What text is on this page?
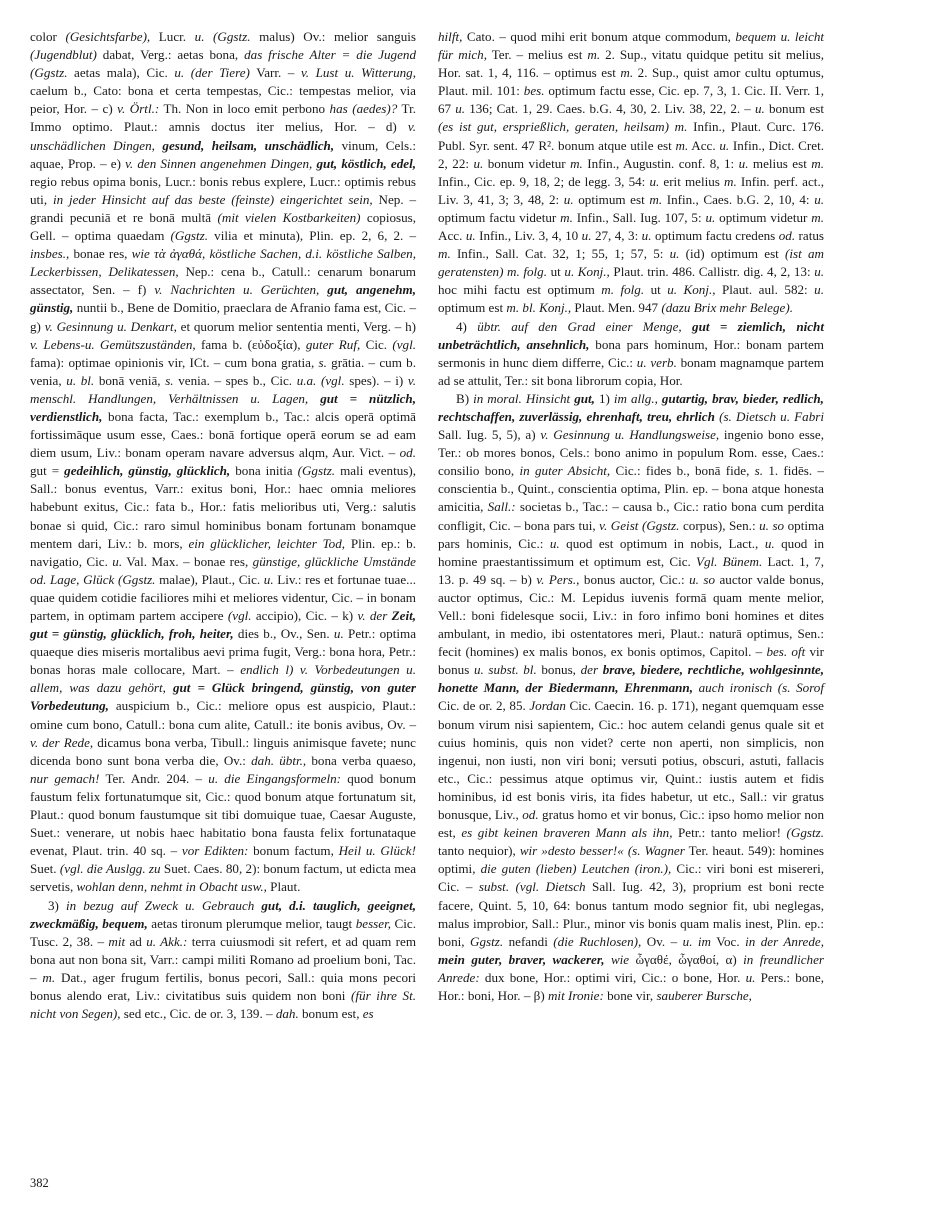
color (Gesichtsfarbe), Lucr. u. (Ggstz. malus) Ov.: melior sanguis (Jugendblut) dabat, Verg.: aetas bona, das frische Alter = die Jugend (Ggstz. aetas mala), Cic. u. (der Tiere) Varr. – v. Lust u. Witterung, caelum b., Cato: bona et certa tempestas, Cic.: tempestas melior, via peior, Hor. – c) v. Örtl.: Th. Non in loco emit perbono has (aedes)? Tr. Immo optimo. Plaut.: amnis doctus iter melius, Hor. – d) v. unschädlichen Dingen, gesund, heilsam, unschädlich, vinum, Cels.: aquae, Prop. – e) v. den Sinnen angenehmen Dingen, gut, köstlich, edel, regio rebus opima bonis, Lucr.: bonis rebus explere, Lucr.: optimis rebus uti, in jeder Hinsicht auf das beste (feinste) eingerichtet sein, Nep. – grandi pecuniā et re bonā multā (mit vielen Kostbarkeiten) copiosus, Gell. – optima quaedam (Ggstz. vilia et minuta), Plin. ep. 2, 6, 2. – insbes., bonae res, wie τὰ ἀγαθά, köstliche Sachen, d.i. köstliche Salben, Leckerbissen, Delikatessen, Nep.: cena b., Catull.: cenarum bonarum assectator, Sen. – f) v. Nachrichten u. Gerüchten, gut, angenehm, günstig, nuntii b., Bene de Domitio, praeclara de Afranio fama est, Cic. – g) v. Gesinnung u. Denkart, et quorum melior sententia menti, Verg. – h) v. Lebens-u. Gemütszuständen, fama b. (εὐδοξία), guter Ruf, Cic. (vgl. fama): optimae opinionis vir, ICt. – cum bona gratia, s. grātia. – cum b. venia, u. bl. bonā veniā, s. venia. – spes b., Cic. u.a. (vgl. spes). – i) v. menschl. Handlungen, Verhältnissen u. Lagen, gut = nützlich, verdienstlich, bona facta, Tac.: exemplum b., Tac.: alcis operā optimā fortissimāque usum esse, Caes.: bonā fortique operā eorum se ad eam diem usum, Liv.: bonam operam navare adversus alqm, Aur. Vict. – od. gut = gedeihlich, günstig, glücklich, bona initia (Ggstz. mali eventus), Sall.: bonus eventus, Varr.: exitus boni, Hor.: haec omnia meliores habebunt exitus, Cic.: fata b., Hor.: fatis melioribus uti, Verg.: salutis bonae si quid, Cic.: raro simul hominibus bonam fortunam bonamque mentem dari, Liv.: b. mors, ein glücklicher, leichter Tod, Plin. ep.: b. navigatio, Cic. u. Val. Max. – bonae res, günstige, glückliche Umstände od. Lage, Glück (Ggstz. malae), Plaut., Cic. u. Liv.: res et fortunae tuae... quae quidem cotidie faciliores mihi et meliores videntur, Cic. – in bonam partem, in optimam partem accipere (vgl. accipio), Cic. – k) v. der Zeit, gut = günstig, glücklich, froh, heiter, dies b., Ov., Sen. u. Petr.: optima quaeque dies miseris mortalibus aevi prima fugit, Verg.: bona hora, Petr.: bonas horas male collocare, Mart. – endlich l) v. Vorbedeutungen u. allem, was dazu gehört, gut = Glück bringend, günstig, von guter Vorbedeutung, auspicium b., Cic.: meliore opus est auspicio, Plaut.: omine cum bono, Catull.: bona cum alite, Catull.: ite bonis avibus, Ov. – v. der Rede, dicamus bona verba, Tibull.: linguis animisque favete; nunc dicenda bono sunt bona verba die, Ov.: dah. übtr., bona verba quaeso, nur gemach! Ter. Andr. 204. – u. die Eingangsformeln: quod bonum faustum felix fortunatumque sit, Cic.: quod bonum atque fortunatum sit, Plaut.: quod bonum faustumque sit tibi domuique tuae, Caesar Auguste, Suet.: venerare, ut nobis haec habitatio bona fausta felix fortunataque evenat, Plaut. trin. 40 sq. – vor Edikten: bonum factum, Heil u. Glück! Suet. (vgl. die Auslgg. zu Suet. Caes. 80, 2): bonum factum, ut edicta mea servetis, wohlan denn, nehmt in Obacht usw., Plaut.

3) in bezug auf Zweck u. Gebrauch gut, d.i. tauglich, geeignet, zweckmäßig, bequem, aetas tironum plerumque melior, taugt besser, Cic. Tusc. 2, 38. – mit ad u. Akk.: terra cuiusmodi sit refert, et ad quam rem bona aut non bona sit, Varr.: campi militi Romano ad proelium boni, Tac. – m. Dat., ager frugum fertilis, bonus pecori, Sall.: quia mons pecori bonus alendo erat, Liv.: civitatibus suis quidem non boni (für ihre St. nicht von Segen), sed etc., Cic. de or. 3, 139. – dah. bonum est, es

hilft, Cato. – quod mihi erit bonum atque commodum, bequem u. leicht für mich, Ter. – melius est m. 2. Sup., vitatu quidque petitu sit melius, Hor. sat. 1, 4, 116. – optimus est m. 2. Sup., quist amor cultu optumus, Plaut. mil. 101: bes. optimum factu esse, Cic. ep. 7, 3, 1. Cic. II. Verr. 1, 67 u. 136; Cat. 1, 29. Caes. b.G. 4, 30, 2. Liv. 38, 22, 2. – u. bonum est (es ist gut, ersprießlich, geraten, heilsam) m. Infin., Plaut. Curc. 176. Publ. Syr. sent. 47 R². bonum atque utile est m. Acc. u. Infin., Dict. Cret. 2, 22: u. bonum videtur m. Infin., Augustin. conf. 8, 1: u. melius est m. Infin., Cic. ep. 9, 18, 2; de legg. 3, 54: u. erit melius m. Infin. perf. act., Liv. 3, 41, 3; 3, 48, 2: u. optimum est m. Infin., Caes. b.G. 2, 10, 4: u. optimum factu videtur m. Infin., Sall. Iug. 107, 5: u. optimum videtur m. Acc. u. Infin., Liv. 3, 4, 10 u. 27, 4, 3: u. optimum factu credens od. ratus m. Infin., Sall. Cat. 32, 1; 55, 1; 57, 5: u. (id) optimum est (ist am geratensten) m. folg. ut u. Konj., Plaut. trin. 486. Callistr. dig. 4, 2, 13: u. hoc mihi factu est optimum m. folg. ut u. Konj., Plaut. aul. 582: u. optimum est m. bl. Konj., Plaut. Men. 947 (dazu Brix mehr Belege).

4) übtr. auf den Grad einer Menge, gut = ziemlich, nicht unbeträchtlich, ansehnlich, bona pars hominum, Hor.: bonam partem sermonis in hunc diem differre, Cic.: u. verb. bonam magnamque partem ad se attulit, Ter.: sit bona librorum copia, Hor.

B) in moral. Hinsicht gut, 1) im allg., gutartig, brav, bieder, redlich, rechtschaffen, zuverlässig, ehrenhaft, treu, ehrlich (s. Dietsch u. Fabri Sall. Iug. 5, 5), a) v. Gesinnung u. Handlungsweise, ingenio bono esse, Ter.: ob mores bonos, Cels.: bono animo in populum Rom. esse, Caes.: consilio bono, in guter Absicht, Cic.: fides b., bonā fide, s. 1. fidēs. – conscientia b., Quint., conscientia optima, Plin. ep. – bona atque honesta amicitia, Sall.: societas b., Tac.: – causa b., Cic.: ratio bona cum perdita confligit, Cic. – bona pars tui, v. Geist (Ggstz. corpus), Sen.: u. so optima pars hominis, Cic.: u. quod est optimum in nobis, Lact., u. quod in homine praestantissimum et optimum est, Cic. Vgl. Bünem. Lact. 1, 7, 13. p. 49 sq. – b) v. Pers., bonus auctor, Cic.: u. so auctor valde bonus, auctor optimus, Cic.: M. Lepidus iuvenis formā quam mente melior, Vell.: boni fidelesque socii, Liv.: in foro infimo boni homines et dites ambulant, in medio, ibi ostentatores meri, Plaut.: naturā optimus, Sen.: fecit (homines) ex malis bonos, ex bonis optimos, Capitol. – bes. oft vir bonus u. subst. bl. bonus, der brave, biedere, rechtliche, wohlgesinnte, honette Mann, der Biedermann, Ehrenmann, auch ironisch (s. Sorof Cic. de or. 2, 85. Jordan Cic. Caecin. 16. p. 171), negant quemquam esse bonum virum nisi sapientem, Cic.: hoc autem celandi genus quale sit et cuius hominis, quis non videt? certe non aperti, non simplicis, non ingenui, non iusti, non viri boni; versuti potius, obscuri, astuti, fallacis etc., Cic.: pessimus atque optimus vir, Quint.: iustis autem et fidis hominibus, id est bonis viris, ita fides habetur, ut etc., Sall.: vir gratus bonusque, Liv., od. gratus homo et vir bonus, Cic.: ipso homo melior non est, es gibt keinen braveren Mann als ihn, Petr.: tanto melior! (Ggstz. tanto nequior), wir »desto besser!« (s. Wagner Ter. heaut. 549): homines optimi, die guten (lieben) Leutchen (iron.), Cic.: viri boni est misereri, Cic. – subst. (vgl. Dietsch Sall. Iug. 42, 3), proprium est boni recte facere, Quint. 5, 10, 64: bonus tantum modo segnior fit, ubi neglegas, malus improbior, Sall.: Plur., minor vis bonis quam malis inest, Plin. ep.: boni, Ggstz. nefandi (die Ruchlosen), Ov. – u. im Voc. in der Anrede, mein guter, braver, wackerer, wie ὦγαθέ, ὦγαθοί, α) in freundlicher Anrede: dux bone, Hor.: optimi viri, Cic.: o bone, Hor. u. Pers.: bone, Hor.: boni, Hor. – β) mit Ironie: bone vir, sauberer Bursche,

382
